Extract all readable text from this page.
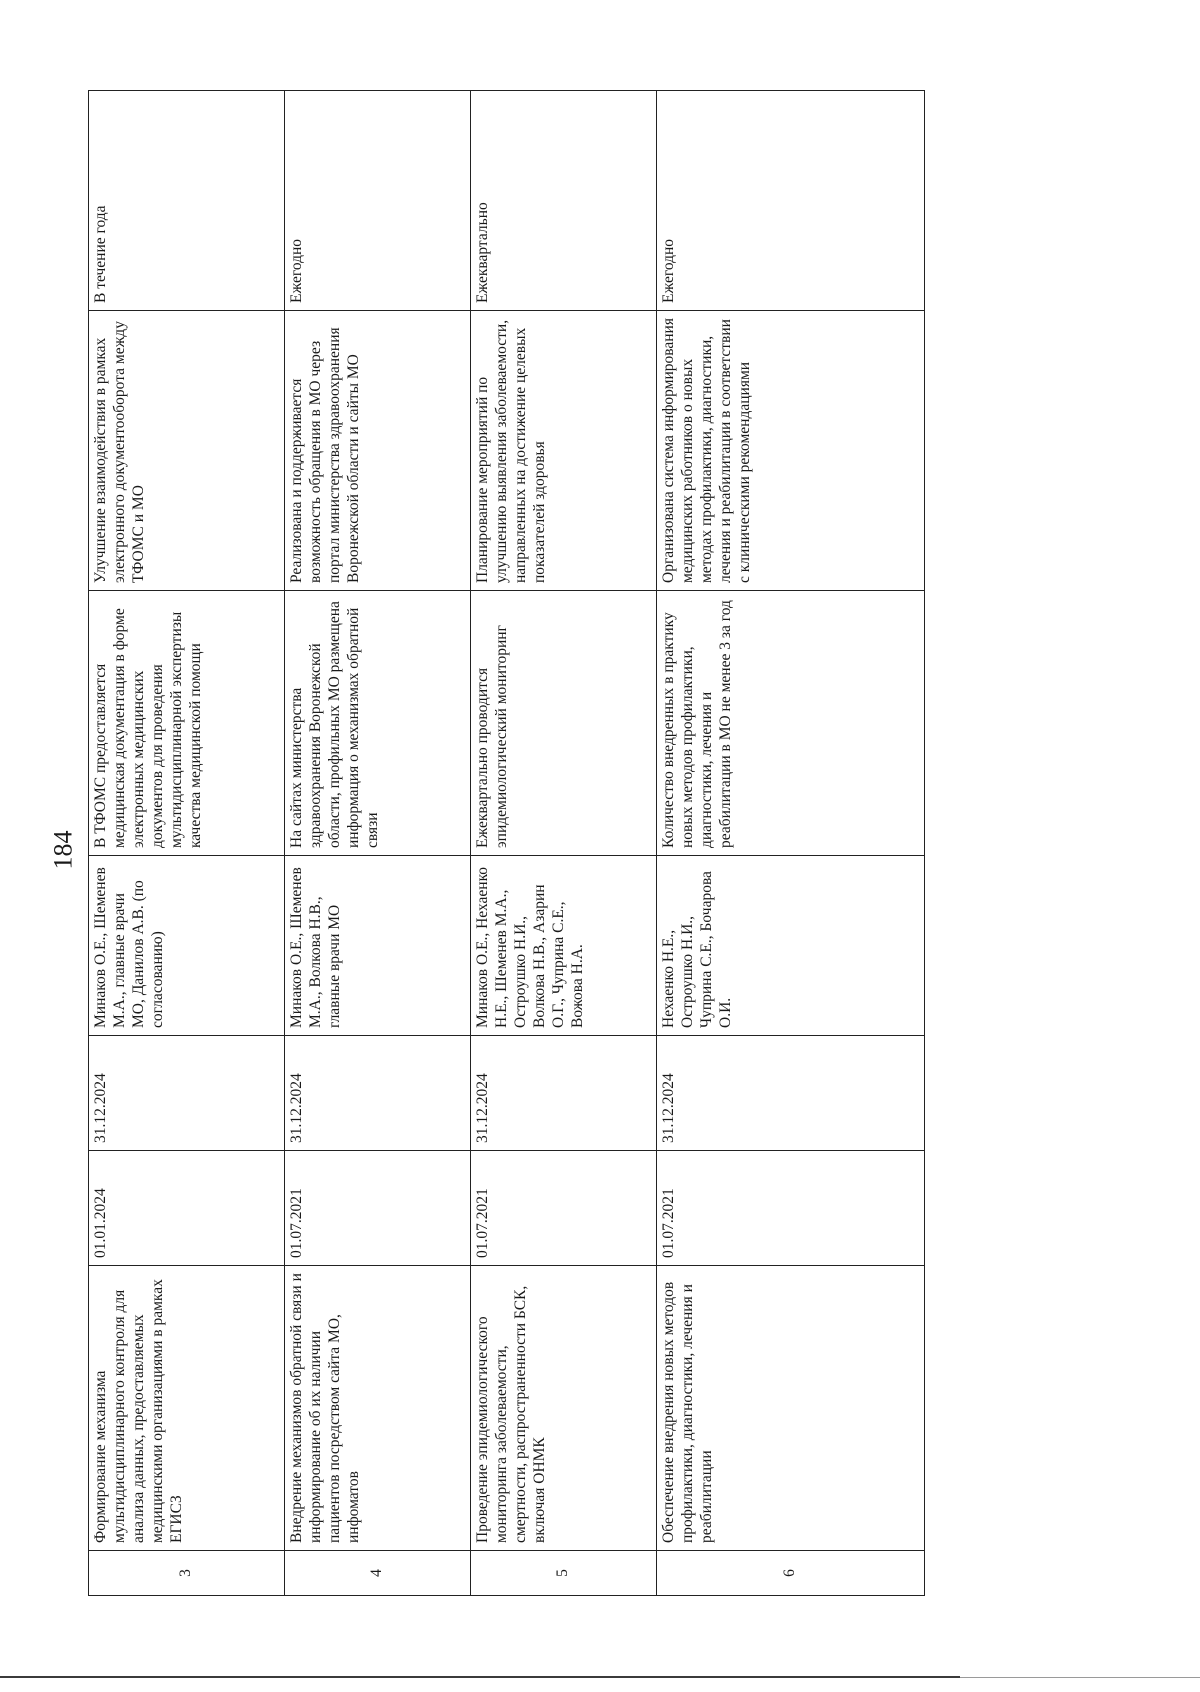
184
3	Формирование механизма мультидисциплинарного контроля для анализа данных, предоставляемых медицинскими организациями в рамках ЕГИСЗ	01.01.2024	31.12.2024	Минаков О.Е., Шеменев М.А., главные врачи МО, Данилов А.В. (по согласованию)	В ТФОМС предоставляется медицинская документация в форме электронных медицинских документов для проведения мультидисциплинарной экспертизы качества медицинской помощи	Улучшение взаимодействия в рамках электронного документооборота между ТФОМС и МО	В течение года
4	Внедрение механизмов обратной связи и информирование об их наличии пациентов посредством сайта МО, инфоматов	01.07.2021	31.12.2024	Минаков О.Е., Шеменев М.А., Волкова Н.В., главные врачи МО	На сайтах министерства здравоохранения Воронежской области, профильных МО размещена информация о механизмах обратной связи	Реализована и поддерживается возможность обращения в МО через портал министерства здравоохранения Воронежской области и сайты МО	Ежегодно
5	Проведение эпидемиологического мониторинга заболеваемости, смертности, распространенности БСК, включая ОНМК	01.07.2021	31.12.2024	Минаков О.Е., Нехаенко Н.Е., Шеменев М.А., Остроушко Н.И., Волкова Н.В., Азарин О.Г., Чуприна С.Е., Вожова Н.А.	Ежеквартально проводится эпидемиологический мониторинг	Планирование мероприятий по улучшению выявления заболеваемости, направленных на достижение целевых показателей здоровья	Ежеквартально
6	Обеспечение внедрения новых методов профилактики, диагностики, лечения и реабилитации	01.07.2021	31.12.2024	Нехаенко Н.Е., Остроушко Н.И., Чуприна С.Е., Бочарова О.И.	Количество внедренных в практику новых методов профилактики, диагностики, лечения и реабилитации в МО не менее 3 за год	Организована система информирования медицинских работников о новых методах профилактики, диагностики, лечения и реабилитации в соответствии с клиническими рекомендациями	Ежегодно
